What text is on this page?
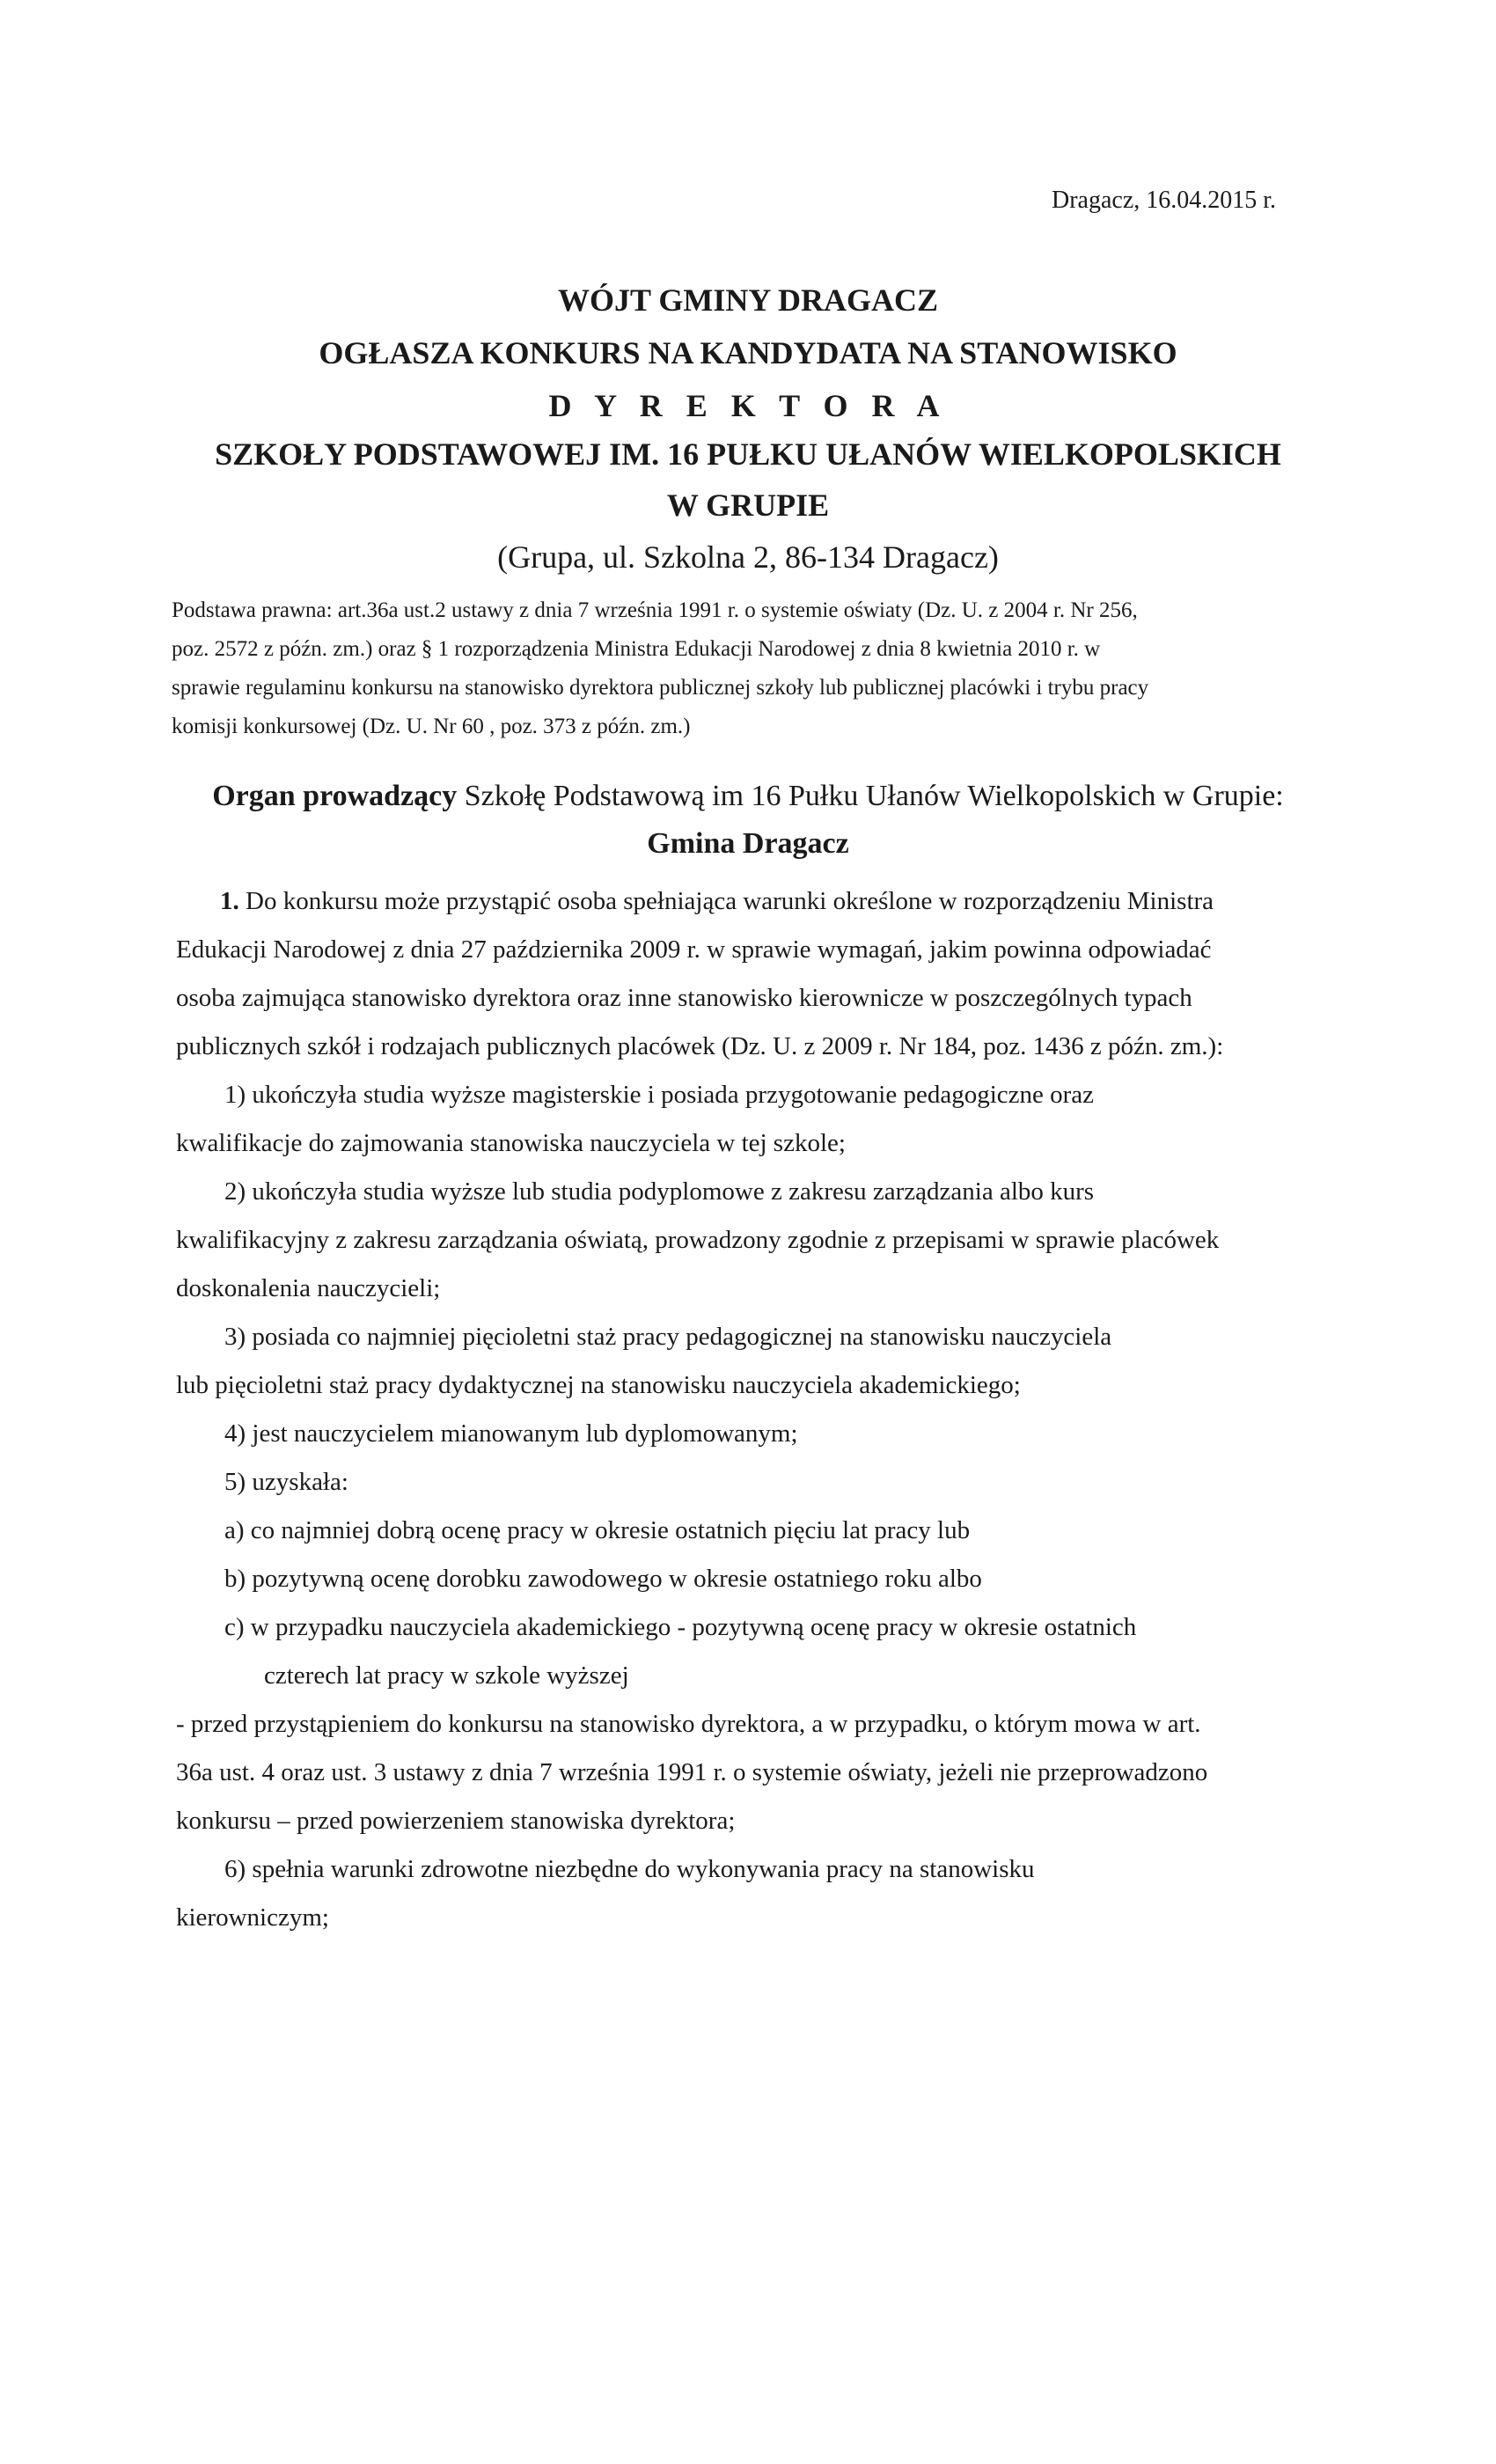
Dragacz, 16.04.2015 r.
WÓJT GMINY DRAGACZ
OGŁASZA KONKURS NA KANDYDATA NA STANOWISKO
D Y R E K T O R A
SZKOŁY PODSTAWOWEJ IM. 16 PUŁKU UŁANÓW WIELKOPOLSKICH
W GRUPIE
(Grupa, ul. Szkolna 2, 86-134 Dragacz)
Podstawa prawna: art.36a ust.2 ustawy z dnia 7 września 1991 r. o systemie oświaty (Dz. U. z 2004 r. Nr 256,
poz. 2572 z późn. zm.) oraz § 1 rozporządzenia Ministra Edukacji Narodowej z dnia 8 kwietnia 2010 r. w
sprawie regulaminu konkursu na stanowisko dyrektora publicznej szkoły lub publicznej placówki i trybu pracy
komisji konkursowej (Dz. U. Nr 60 , poz. 373 z późn. zm.)
Organ prowadzący Szkołę Podstawową im 16 Pułku Ułanów Wielkopolskich w Grupie:
Gmina Dragacz
1. Do konkursu może przystąpić osoba spełniająca warunki określone w rozporządzeniu Ministra
Edukacji Narodowej z dnia 27 października 2009 r. w sprawie wymagań, jakim powinna odpowiadać
osoba zajmująca stanowisko dyrektora oraz inne stanowisko kierownicze w poszczególnych typach
publicznych szkół i rodzajach publicznych placówek (Dz. U. z 2009 r. Nr 184, poz. 1436 z późn. zm.):
1) ukończyła studia wyższe magisterskie i posiada przygotowanie pedagogiczne oraz
kwalifikacje do zajmowania stanowiska nauczyciela w tej szkole;
2) ukończyła studia wyższe lub studia podyplomowe z zakresu zarządzania albo kurs
kwalifikacyjny z zakresu zarządzania oświatą, prowadzony zgodnie z przepisami w sprawie placówek
doskonalenia nauczycieli;
3) posiada co najmniej pięcioletni staż pracy pedagogicznej na stanowisku nauczyciela
lub pięcioletni staż pracy dydaktycznej na stanowisku nauczyciela akademickiego;
4) jest nauczycielem mianowanym lub dyplomowanym;
5) uzyskała:
a) co najmniej dobrą ocenę pracy w okresie ostatnich pięciu lat pracy lub
b) pozytywną ocenę dorobku zawodowego w okresie ostatniego roku albo
c) w przypadku nauczyciela akademickiego - pozytywną ocenę pracy w okresie ostatnich
czterech lat pracy w szkole wyższej
- przed przystąpieniem do konkursu na stanowisko dyrektora, a w przypadku, o którym mowa w art.
36a ust. 4 oraz ust. 3 ustawy z dnia 7 września 1991 r. o systemie oświaty, jeżeli nie przeprowadzono
konkursu – przed powierzeniem stanowiska dyrektora;
6) spełnia warunki zdrowotne niezbędne do wykonywania pracy na stanowisku
kierowniczym;
